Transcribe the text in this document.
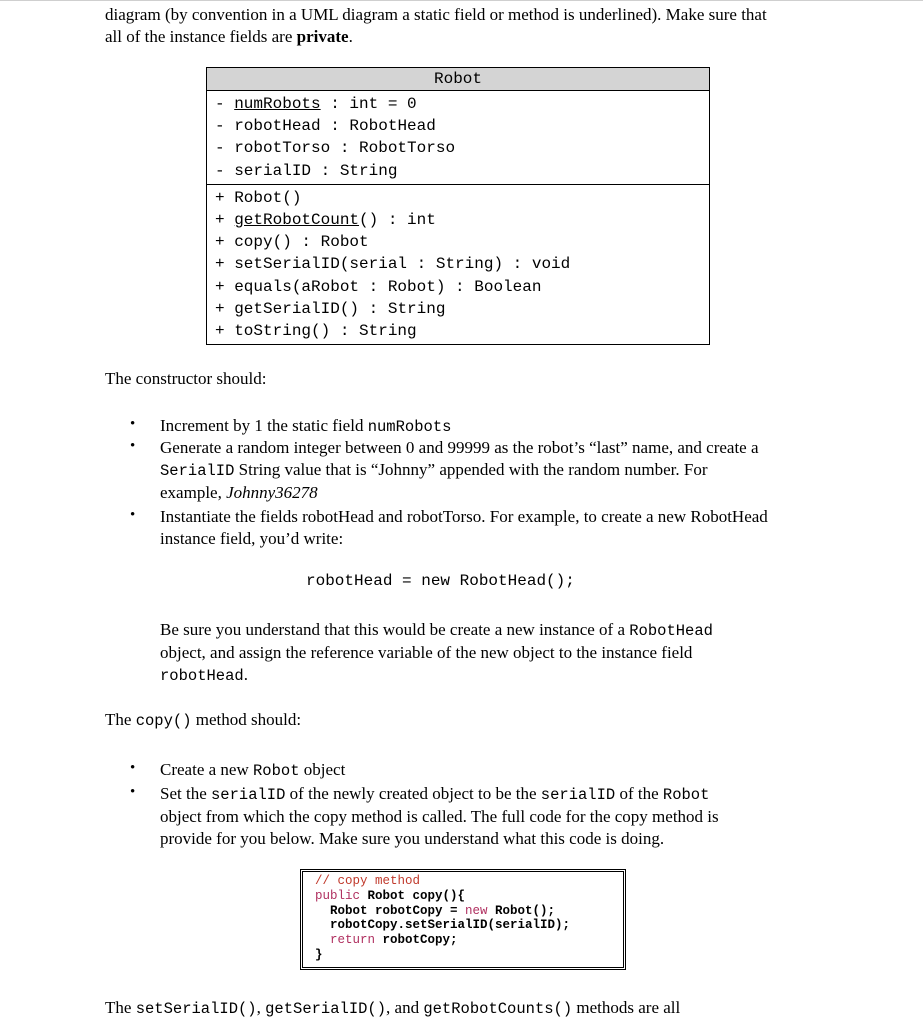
diagram (by convention in a UML diagram a static field or method is underlined). Make sure that
all of the instance fields are private.
Robot
- numRobots : int = 0
- robotHead : RobotHead
- robotTorso : RobotTorso
- serialID : String
+ Robot()
+ getRobotCount() : int
+ copy() : Robot
+ setSerialID(serial : String) : void
+ equals(aRobot : Robot) : Boolean
+ getSerialID() : String
+ toString() : String
The constructor should:
• Increment by 1 the static field numRobots
• Generate a random integer between 0 and 99999 as the robot’s “last” name, and create a
SerialID String value that is “Johnny” appended with the random number. For
example, Johnny36278
• Instantiate the fields robotHead and robotTorso. For example, to create a new RobotHead
instance field, you’d write:
robotHead = new RobotHead();
Be sure you understand that this would be create a new instance of a RobotHead
object, and assign the reference variable of the new object to the instance field
robotHead.
The copy() method should:
• Create a new Robot object
• Set the serialID of the newly created object to be the serialID of the Robot
object from which the copy method is called. The full code for the copy method is
provide for you below. Make sure you understand what this code is doing.
// copy method
public Robot copy(){
Robot robotCopy = new Robot();
robotCopy.setSerialID(serialID);
return robotCopy;
}
The setSerialID(), getSerialID(), and getRobotCounts() methods are all
